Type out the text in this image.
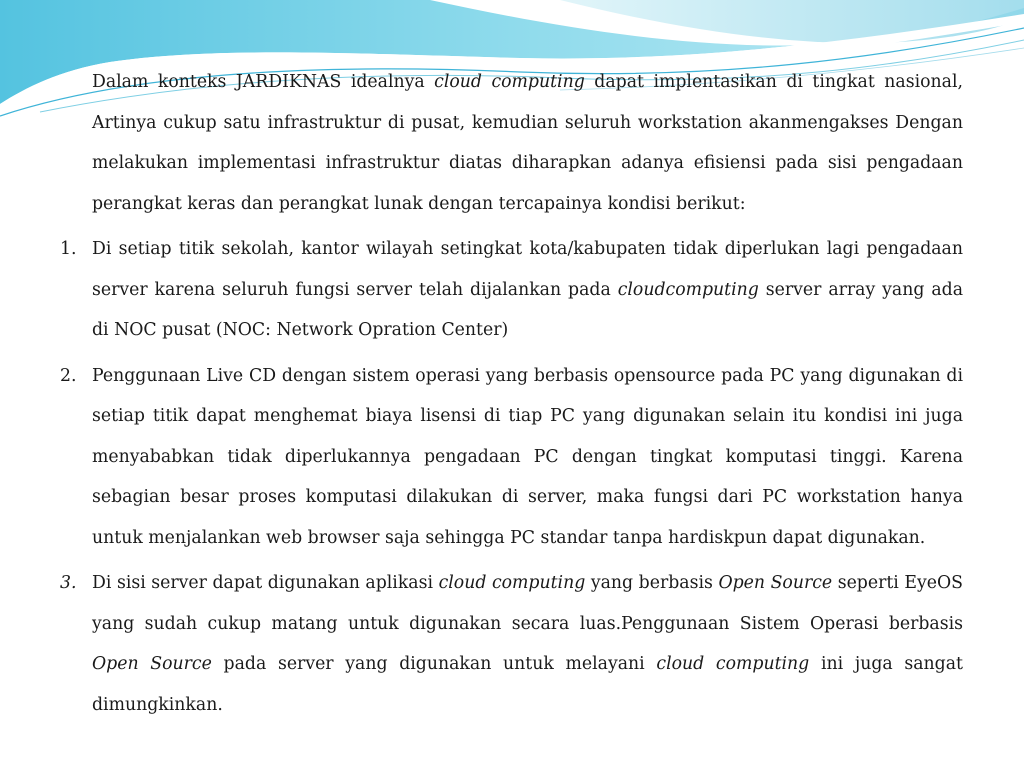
Dalam konteks JARDIKNAS idealnya cloud computing dapat implentasikan di tingkat nasional, Artinya cukup satu infrastruktur di pusat, kemudian seluruh workstation akanmengakses Dengan melakukan implementasi infrastruktur diatas diharapkan adanya efisiensi pada sisi pengadaan perangkat keras dan perangkat lunak dengan tercapainya kondisi berikut:

1. Di setiap titik sekolah, kantor wilayah setingkat kota/kabupaten tidak diperlukan lagi pengadaan server karena seluruh fungsi server telah dijalankan pada cloudcomputing server array yang ada di NOC pusat (NOC: Network Opration Center)

2. Penggunaan Live CD dengan sistem operasi yang berbasis opensource pada PC yang digunakan di setiap titik dapat menghemat biaya lisensi di tiap PC yang digunakan selain itu kondisi ini juga menyababkan tidak diperlukannya pengadaan PC dengan tingkat komputasi tinggi. Karena sebagian besar proses komputasi dilakukan di server, maka fungsi dari PC workstation hanya untuk menjalankan web browser saja sehingga PC standar tanpa hardiskpun dapat digunakan.

3. Di sisi server dapat digunakan aplikasi cloud computing yang berbasis Open Source seperti EyeOS yang sudah cukup matang untuk digunakan secara luas.Penggunaan Sistem Operasi berbasis Open Source pada server yang digunakan untuk melayani cloud computing ini juga sangat dimungkinkan.
